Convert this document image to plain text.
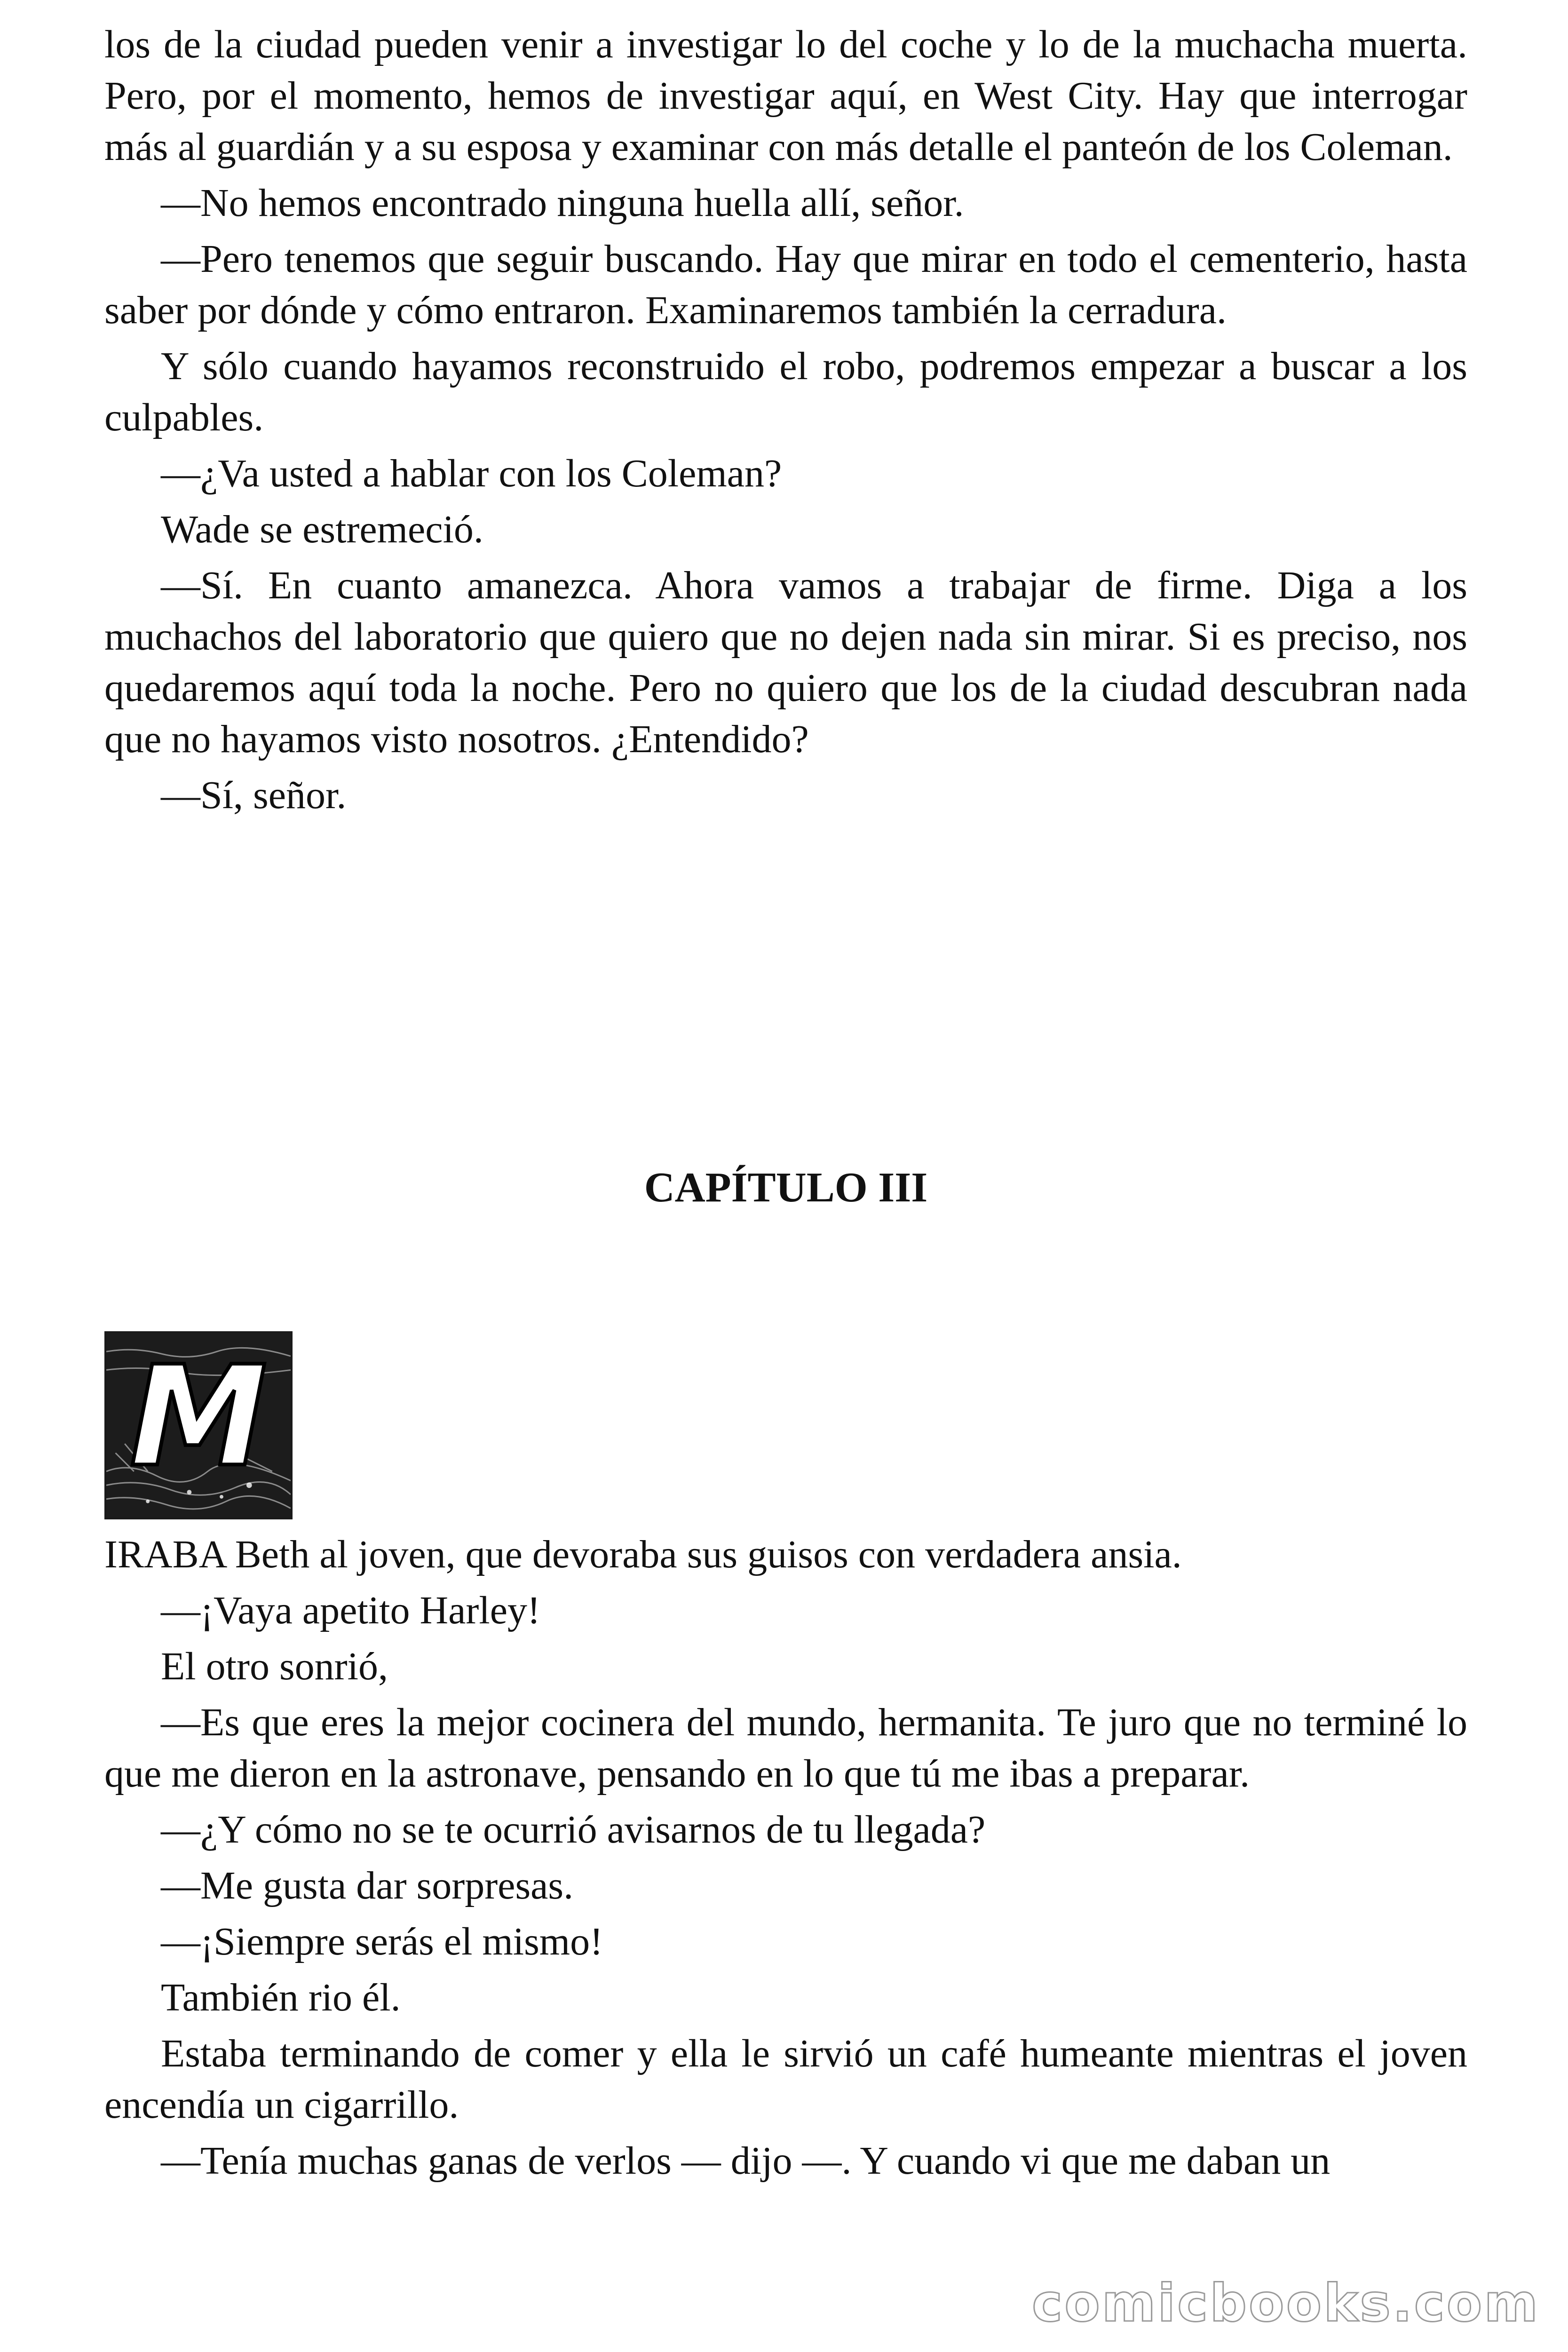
los de la ciudad pueden venir a investigar lo del coche y lo de la muchacha muerta. Pero, por el momento, hemos de investigar aquí, en West City. Hay que interrogar más al guardián y a su esposa y examinar con más detalle el panteón de los Coleman.

—No hemos encontrado ninguna huella allí, señor.

—Pero tenemos que seguir buscando. Hay que mirar en todo el cementerio, hasta saber por dónde y cómo entraron. Examinaremos también la cerradura.

Y sólo cuando hayamos reconstruido el robo, podremos empezar a buscar a los culpables.

—¿Va usted a hablar con los Coleman?

Wade se estremeció.

—Sí. En cuanto amanezca. Ahora vamos a trabajar de firme. Diga a los muchachos del laboratorio que quiero que no dejen nada sin mirar. Si es preciso, nos quedaremos aquí toda la noche. Pero no quiero que los de la ciudad descubran nada que no hayamos visto nosotros. ¿Entendido?

—Sí, señor.

CAPÍTULO III
M

IRABA Beth al joven, que devoraba sus guisos con verdadera ansia.

—¡Vaya apetito Harley!

El otro sonrió,

—Es que eres la mejor cocinera del mundo, hermanita. Te juro que no terminé lo que me dieron en la astronave, pensando en lo que tú me ibas a preparar.

—¿Y cómo no se te ocurrió avisarnos de tu llegada?

—Me gusta dar sorpresas.

—¡Siempre serás el mismo!

También rio él.

Estaba terminando de comer y ella le sirvió un café humeante mientras el joven encendía un cigarrillo.

—Tenía muchas ganas de verlos — dijo —. Y cuando vi que me daban un

comicbooks.com
